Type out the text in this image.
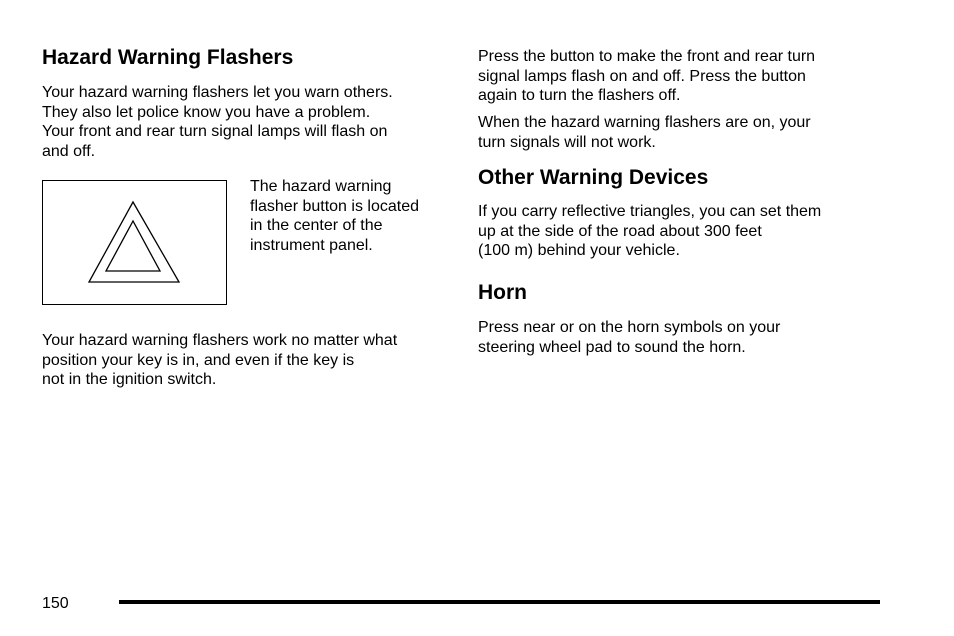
Hazard Warning Flashers

Your hazard warning flashers let you warn others.

They also let police know you have a problem.

Your front and rear turn signal lamps will flash on

and off.

The hazard warning

flasher button is located

in the center of the

instrument panel.

Your hazard warning flashers work no matter what

position your key is in, and even if the key is

not in the ignition switch.

Press the button to make the front and rear turn

signal lamps flash on and off. Press the button

again to turn the flashers off.

When the hazard warning flashers are on, your

turn signals will not work.

Other Warning Devices

If you carry reflective triangles, you can set them

up at the side of the road about 300 feet

(100 m) behind your vehicle.

Horn

Press near or on the horn symbols on your

steering wheel pad to sound the horn.

150
